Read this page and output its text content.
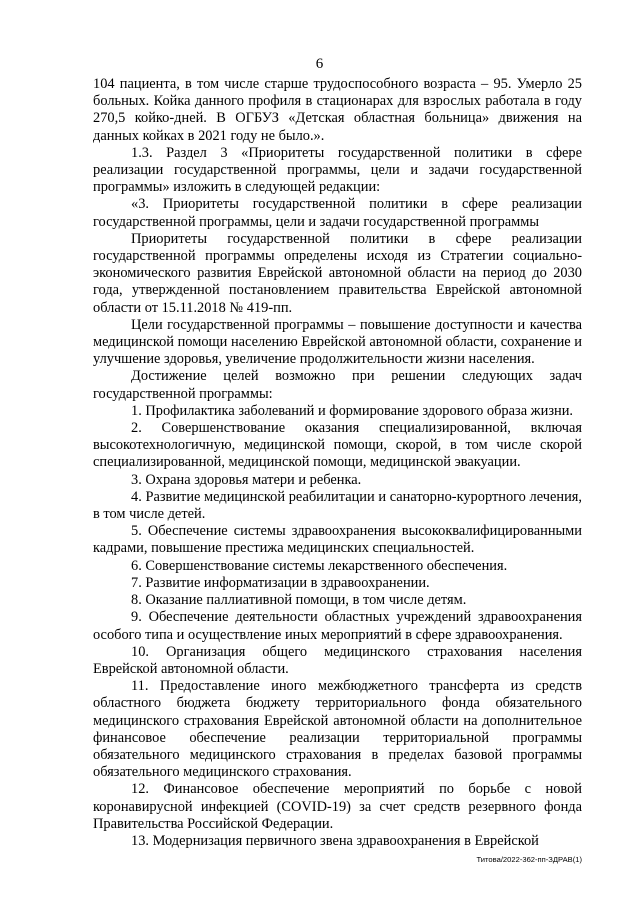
6

104 пациента, в том числе старше трудоспособного возраста – 95. Умерло 25 больных. Койка данного профиля в стационарах для взрослых работала в году 270,5 койко-дней. В ОГБУЗ «Детская областная больница» движения на данных койках в 2021 году не было.».

1.3. Раздел 3 «Приоритеты государственной политики в сфере реализации государственной программы, цели и задачи государственной программы» изложить в следующей редакции:

«3. Приоритеты государственной политики в сфере реализации государственной программы, цели и задачи государственной программы

Приоритеты государственной политики в сфере реализации государственной программы определены исходя из Стратегии социально-экономического развития Еврейской автономной области на период до 2030 года, утвержденной постановлением правительства Еврейской автономной области от 15.11.2018 № 419-пп.

Цели государственной программы – повышение доступности и качества медицинской помощи населению Еврейской автономной области, сохранение и улучшение здоровья, увеличение продолжительности жизни населения.

Достижение целей возможно при решении следующих задач государственной программы:

1. Профилактика заболеваний и формирование здорового образа жизни.

2. Совершенствование оказания специализированной, включая высокотехнологичную, медицинской помощи, скорой, в том числе скорой специализированной, медицинской помощи, медицинской эвакуации.

3. Охрана здоровья матери и ребенка.

4. Развитие медицинской реабилитации и санаторно-курортного лечения, в том числе детей.

5. Обеспечение системы здравоохранения высококвалифицированными кадрами, повышение престижа медицинских специальностей.

6. Совершенствование системы лекарственного обеспечения.

7. Развитие информатизации в здравоохранении.

8. Оказание паллиативной помощи, в том числе детям.

9. Обеспечение деятельности областных учреждений здравоохранения особого типа и осуществление иных мероприятий в сфере здравоохранения.

10. Организация общего медицинского страхования населения Еврейской автономной области.

11. Предоставление иного межбюджетного трансферта из средств областного бюджета бюджету территориального фонда обязательного медицинского страхования Еврейской автономной области на дополнительное финансовое обеспечение реализации территориальной программы обязательного медицинского страхования в пределах базовой программы обязательного медицинского страхования.

12. Финансовое обеспечение мероприятий по борьбе с новой коронавирусной инфекцией (COVID-19) за счет средств резервного фонда Правительства Российской Федерации.

13. Модернизация первичного звена здравоохранения в Еврейской

Титова/2022-362-пп-ЗДРАВ(1)
